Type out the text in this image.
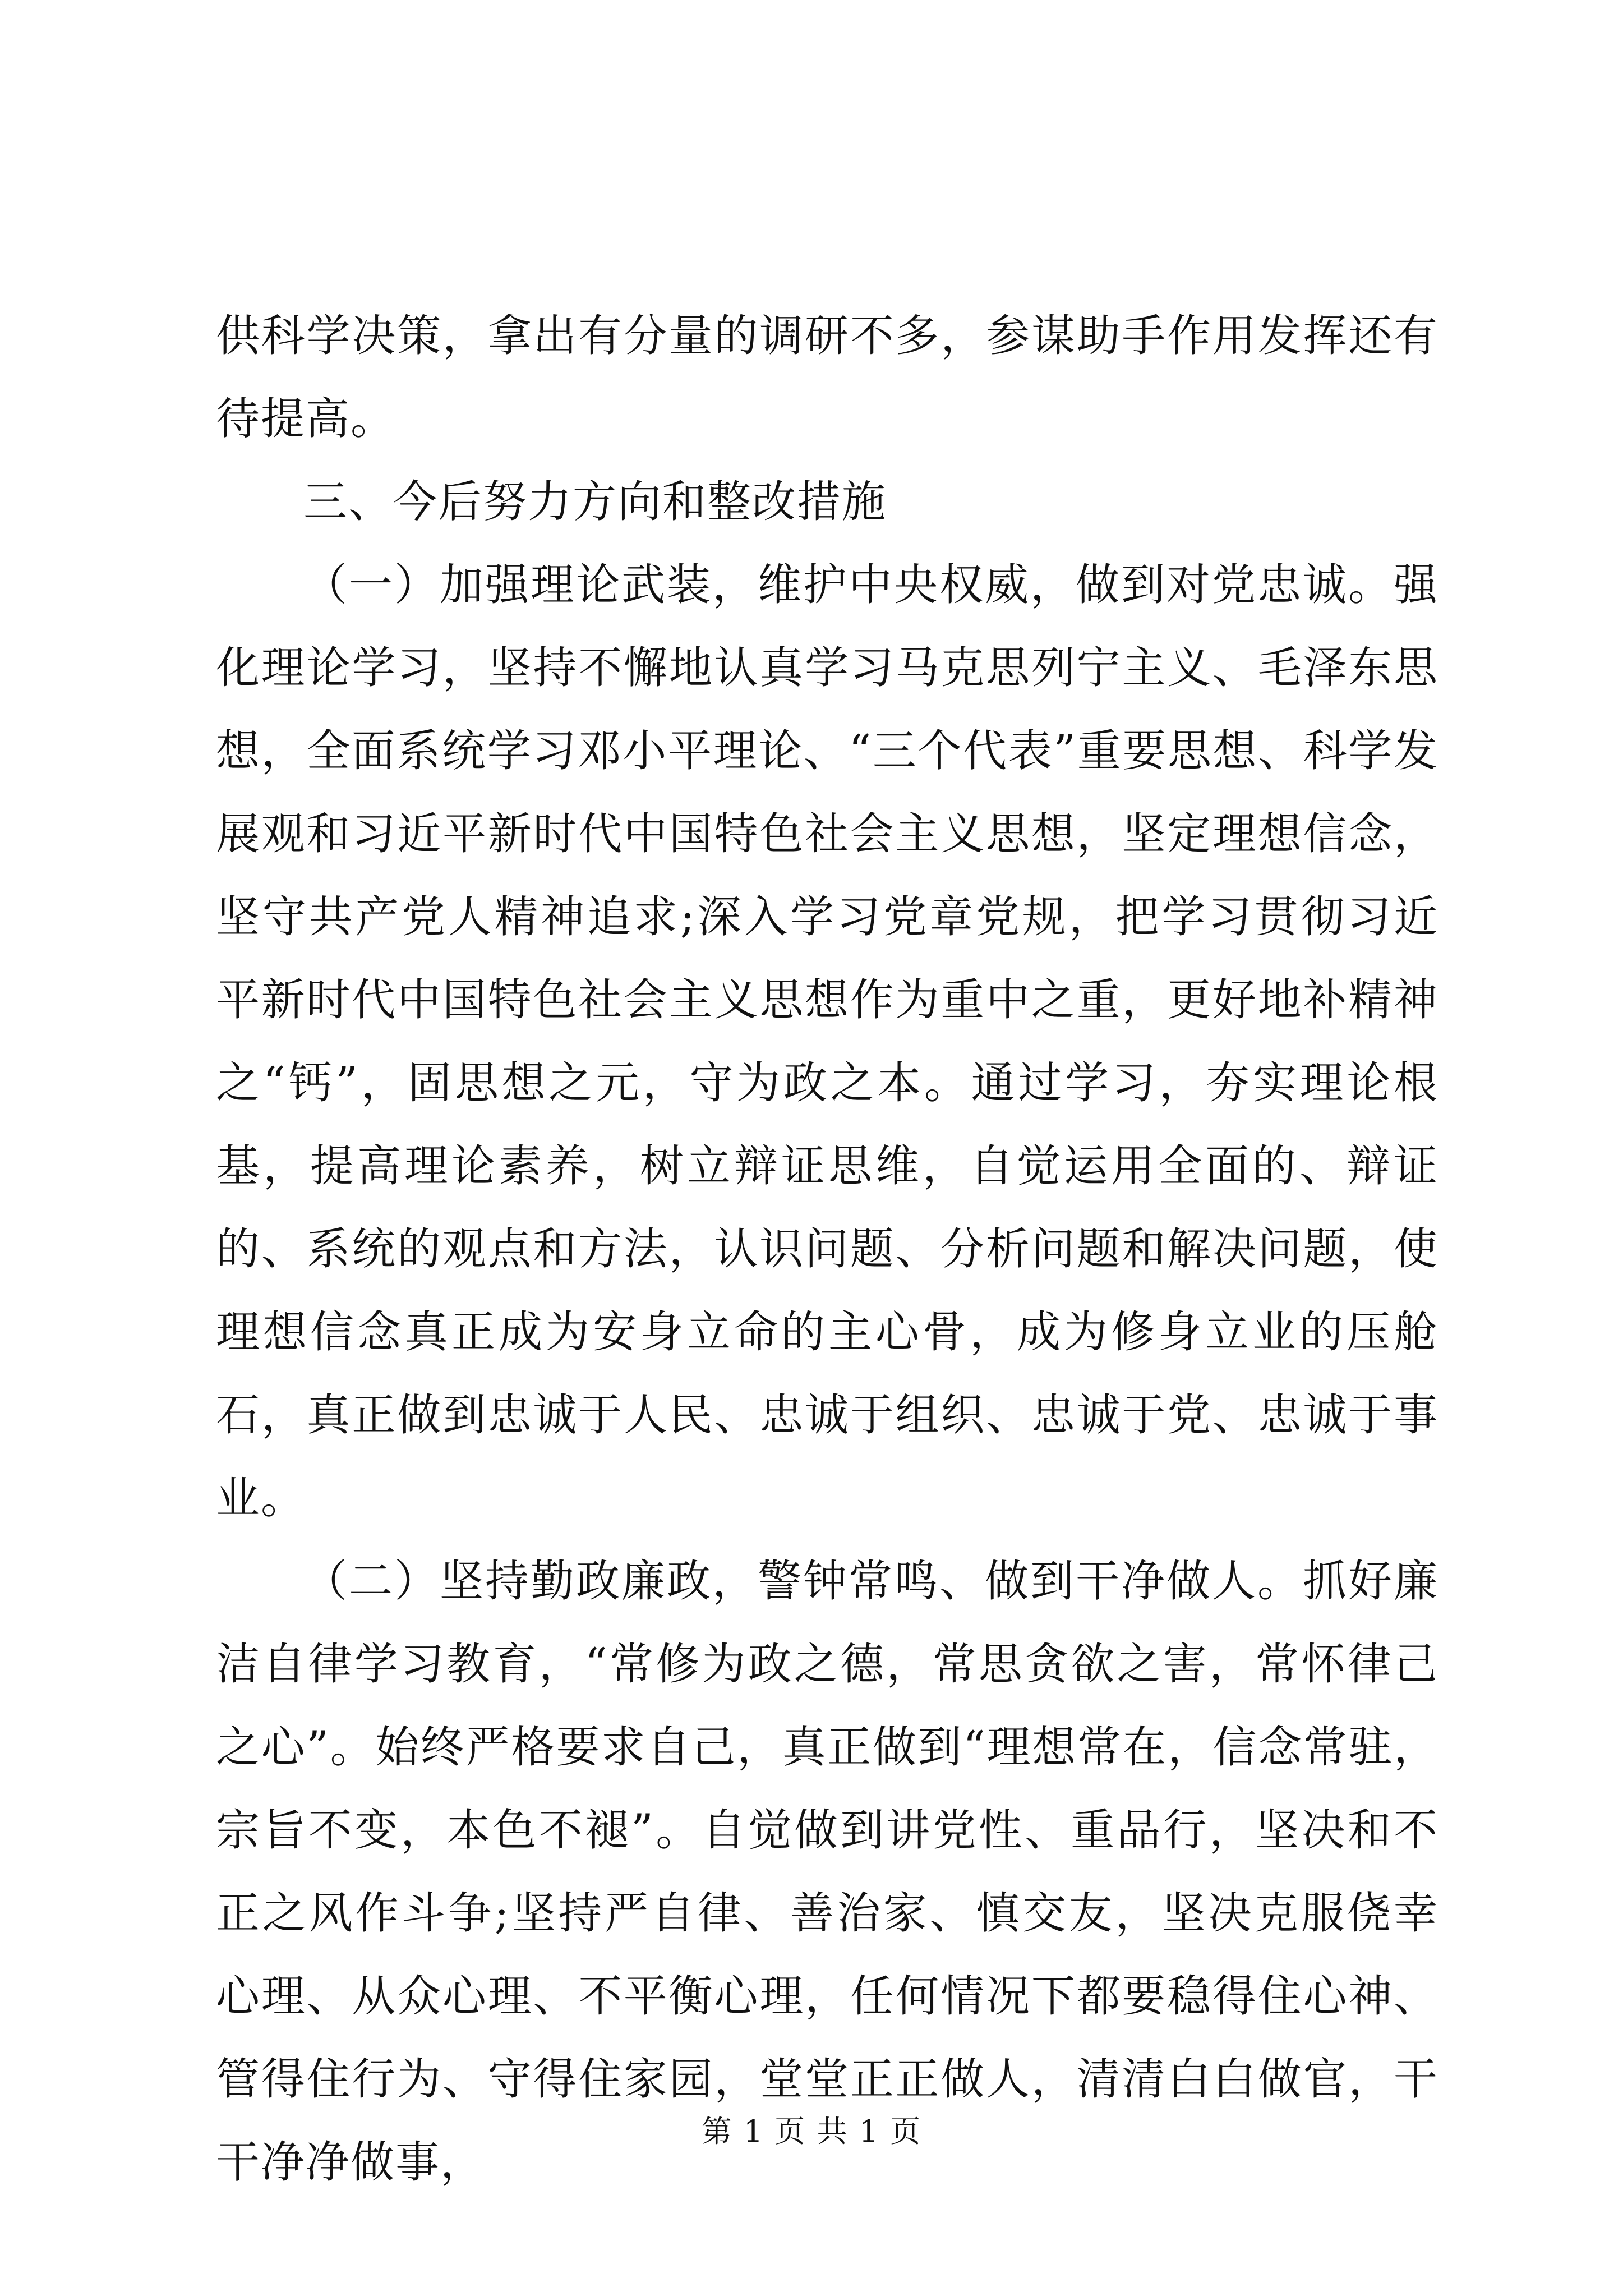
供科学决策，拿出有分量的调研不多，参谋助手作用发挥还有待提高。

三、今后努力方向和整改措施

（一）加强理论武装，维护中央权威，做到对党忠诚。强化理论学习，坚持不懈地认真学习马克思列宁主义、毛泽东思想，全面系统学习邓小平理论、“三个代表”重要思想、科学发展观和习近平新时代中国特色社会主义思想，坚定理想信念，坚守共产党人精神追求;深入学习党章党规，把学习贯彻习近平新时代中国特色社会主义思想作为重中之重，更好地补精神之“钙”，固思想之元，守为政之本。通过学习，夯实理论根基，提高理论素养，树立辩证思维，自觉运用全面的、辩证的、系统的观点和方法，认识问题、分析问题和解决问题，使理想信念真正成为安身立命的主心骨，成为修身立业的压舱石，真正做到忠诚于人民、忠诚于组织、忠诚于党、忠诚于事业。

（二）坚持勤政廉政，警钟常鸣、做到干净做人。抓好廉洁自律学习教育，“常修为政之德，常思贪欲之害，常怀律己之心”。始终严格要求自己，真正做到“理想常在，信念常驻，宗旨不变，本色不褪”。自觉做到讲党性、重品行，坚决和不正之风作斗争;坚持严自律、善治家、慎交友，坚决克服侥幸心理、从众心理、不平衡心理，任何情况下都要稳得住心神、管得住行为、守得住家园，堂堂正正做人，清清白白做官，干干净净做事，

第 1 页 共 1 页
